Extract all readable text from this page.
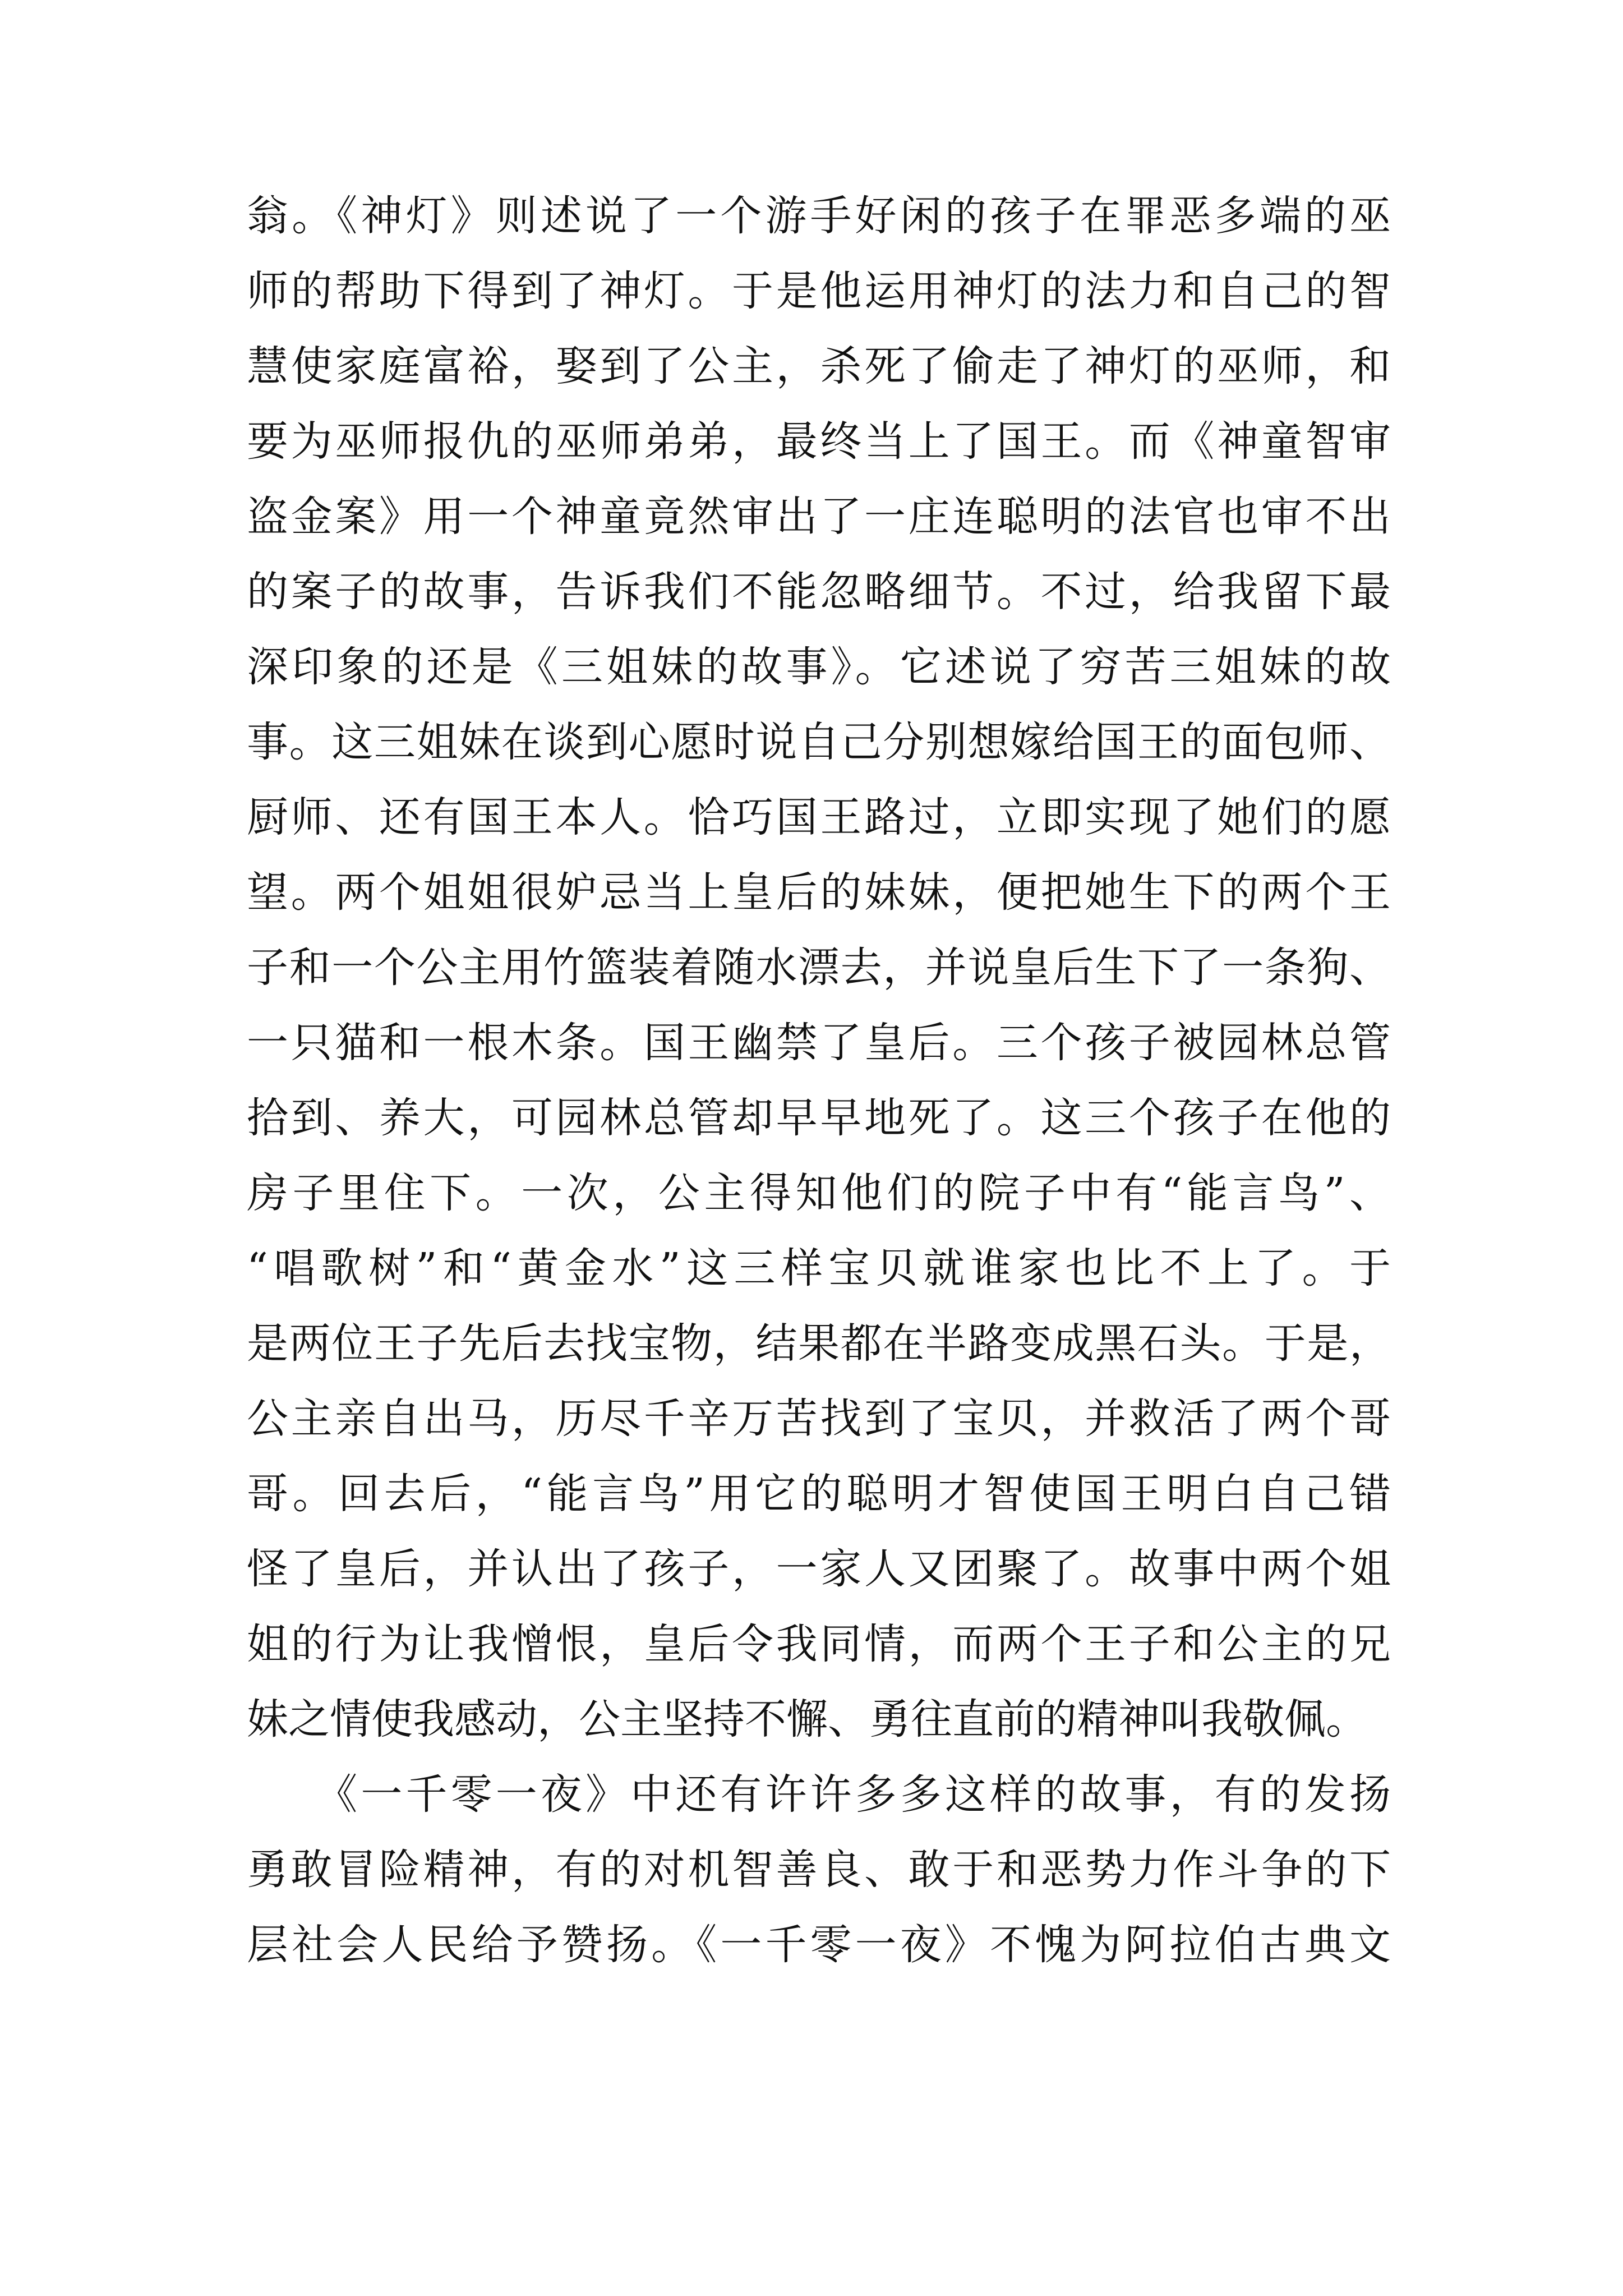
翁。《神灯》则述说了一个游手好闲的孩子在罪恶多端的巫
师的帮助下得到了神灯。于是他运用神灯的法力和自己的智
慧使家庭富裕，娶到了公主，杀死了偷走了神灯的巫师，和
要为巫师报仇的巫师弟弟，最终当上了国王。而《神童智审
盗金案》用一个神童竟然审出了一庄连聪明的法官也审不出
的案子的故事，告诉我们不能忽略细节。不过，给我留下最
深印象的还是《三姐妹的故事》。它述说了穷苦三姐妹的故
事。这三姐妹在谈到心愿时说自己分别想嫁给国王的面包师、
厨师、还有国王本人。恰巧国王路过，立即实现了她们的愿
望。两个姐姐很妒忌当上皇后的妹妹，便把她生下的两个王
子和一个公主用竹篮装着随水漂去，并说皇后生下了一条狗、
一只猫和一根木条。国王幽禁了皇后。三个孩子被园林总管
拾到、养大，可园林总管却早早地死了。这三个孩子在他的
房子里住下。一次，公主得知他们的院子中有“能言鸟”、
“唱歌树”和“黄金水”这三样宝贝就谁家也比不上了。于
是两位王子先后去找宝物，结果都在半路变成黑石头。于是，
公主亲自出马，历尽千辛万苦找到了宝贝，并救活了两个哥
哥。回去后，“能言鸟”用它的聪明才智使国王明白自己错
怪了皇后，并认出了孩子，一家人又团聚了。故事中两个姐
姐的行为让我憎恨，皇后令我同情，而两个王子和公主的兄
妹之情使我感动，公主坚持不懈、勇往直前的精神叫我敬佩。
　　《一千零一夜》中还有许许多多这样的故事，有的发扬
勇敢冒险精神，有的对机智善良、敢于和恶势力作斗争的下
层社会人民给予赞扬。《一千零一夜》不愧为阿拉伯古典文
